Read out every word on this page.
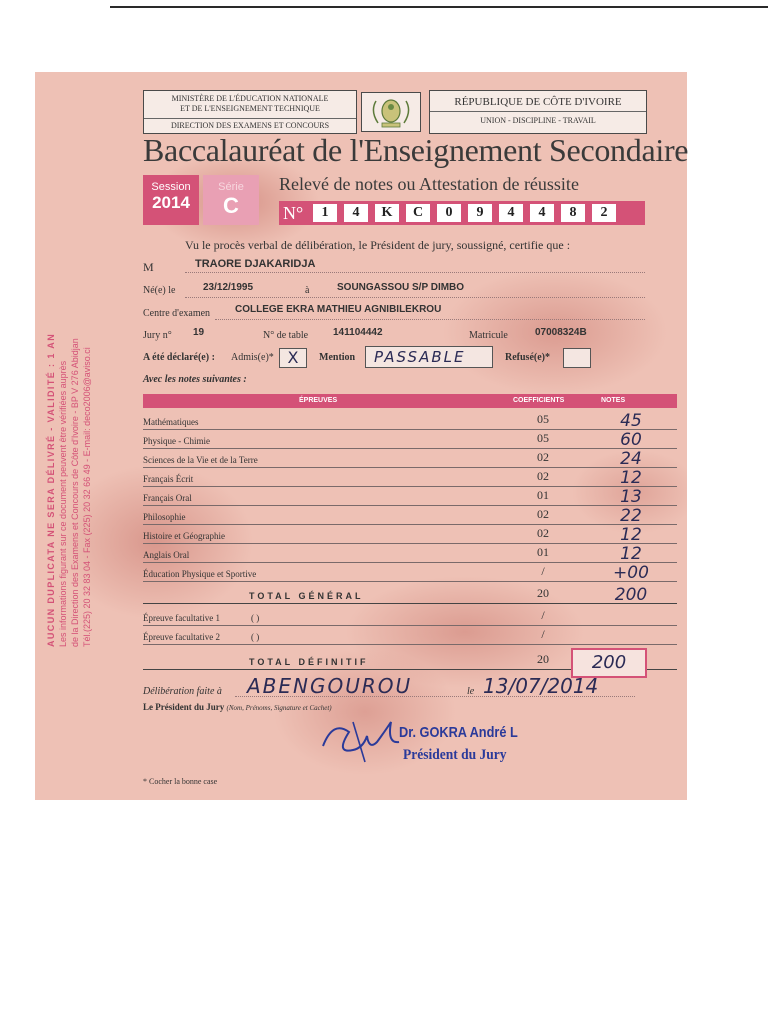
AUCUN DUPLICATA NE SERA DÉLIVRÉ - VALIDITÉ : 1 AN Les informations figurant sur ce document peuvent être vérifiées auprès de la Direction des Examens et Concours de Côte d'Ivoire - BP V 276 Abidjan Tél.(225) 20 32 83 04 - Fax (225) 20 32 66 49 - E-mail: deco2006@aviso.ci
MINISTÈRE DE L'ÉDUCATION NATIONALE
ET DE L'ENSEIGNEMENT TECHNIQUE
DIRECTION DES EXAMENS ET CONCOURS
RÉPUBLIQUE DE CÔTE D'IVOIRE
UNION - DISCIPLINE - TRAVAIL
Baccalauréat de l'Enseignement Secondaire
Session
2014
Série
C
Relevé de notes ou Attestation de réussite
N°	1	4	K	C	0	9	4	4	8	2
Vu le procès verbal de délibération, le Président de jury, soussigné, certifie que :
M	TRAORE DJAKARIDJA
Né(e) le	23/12/1995	à	SOUNGASSOU S/P DIMBO
Centre d'examen COLLEGE EKRA MATHIEU AGNIBILEKROU
Jury n° 19	N° de table 141104442	Matricule	07008324B
A été déclaré(e) : Admis(e)* X	Mention PASSABLE	Refusé(e)*
Avec les notes suivantes :
ÉPREUVES	COEFFICIENTS	NOTES
Mathématiques	05	45
Physique - Chimie	05	60
Sciences de la Vie et de la Terre	02	24
Français Écrit	02	12
Français Oral	01	13
Philosophie	02	22
Histoire et Géographie	02	12
Anglais Oral	01	12
Éducation Physique et Sportive	/	+00
TOTAL GÉNÉRAL	20	200
Épreuve facultative 1	( )	/
Épreuve facultative 2	( )	/
TOTAL DÉFINITIF	20	200
Délibération faite à ABENGOUROU	le 13/07/2014
Le Président du Jury (Nom, Prénoms, Signature et Cachet)
Dr. GOKRA André L
Président du Jury
* Cocher la bonne case
